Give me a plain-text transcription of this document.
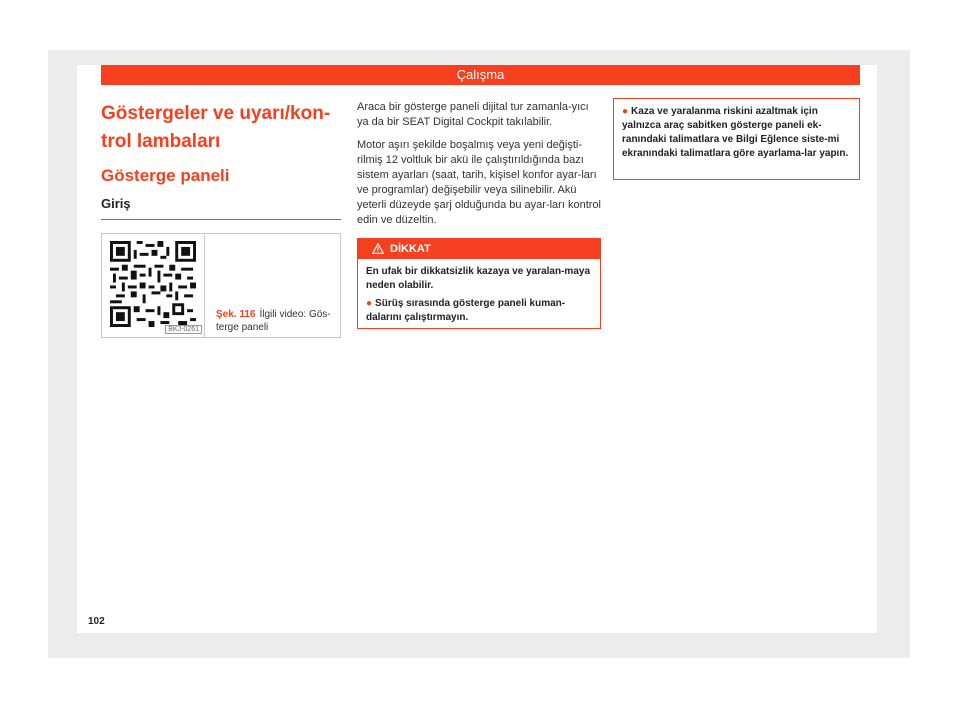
Çalışma
Göstergeler ve uyarı/kon-
trol lambaları
Gösterge paneli
Giriş
BKJ-0261
Şek. 116 İlgili video: Gös-terge paneli

Araca bir gösterge paneli dijital tur zamanla-yıcı ya da bir SEAT Digital Cockpit takılabilir.

Motor aşırı şekilde boşalmış veya yeni değişti-rilmiş 12 voltluk bir akü ile çalıştırıldığında bazı sistem ayarları (saat, tarih, kişisel konfor ayar-ları ve programlar) değişebilir veya silinebilir. Akü yeterli düzeyde şarj olduğunda bu ayar-ları kontrol edin ve düzeltin.

DİKKAT

En ufak bir dikkatsizlik kazaya ve yaralan-maya neden olabilir.

● Sürüş sırasında gösterge paneli kuman-dalarını çalıştırmayın.

● Kaza ve yaralanma riskini azaltmak için yalnızca araç sabitken gösterge paneli ek-ranındaki talimatlara ve Bilgi Eğlence siste-mi ekranındaki talimatlara göre ayarlama-lar yapın.
102
